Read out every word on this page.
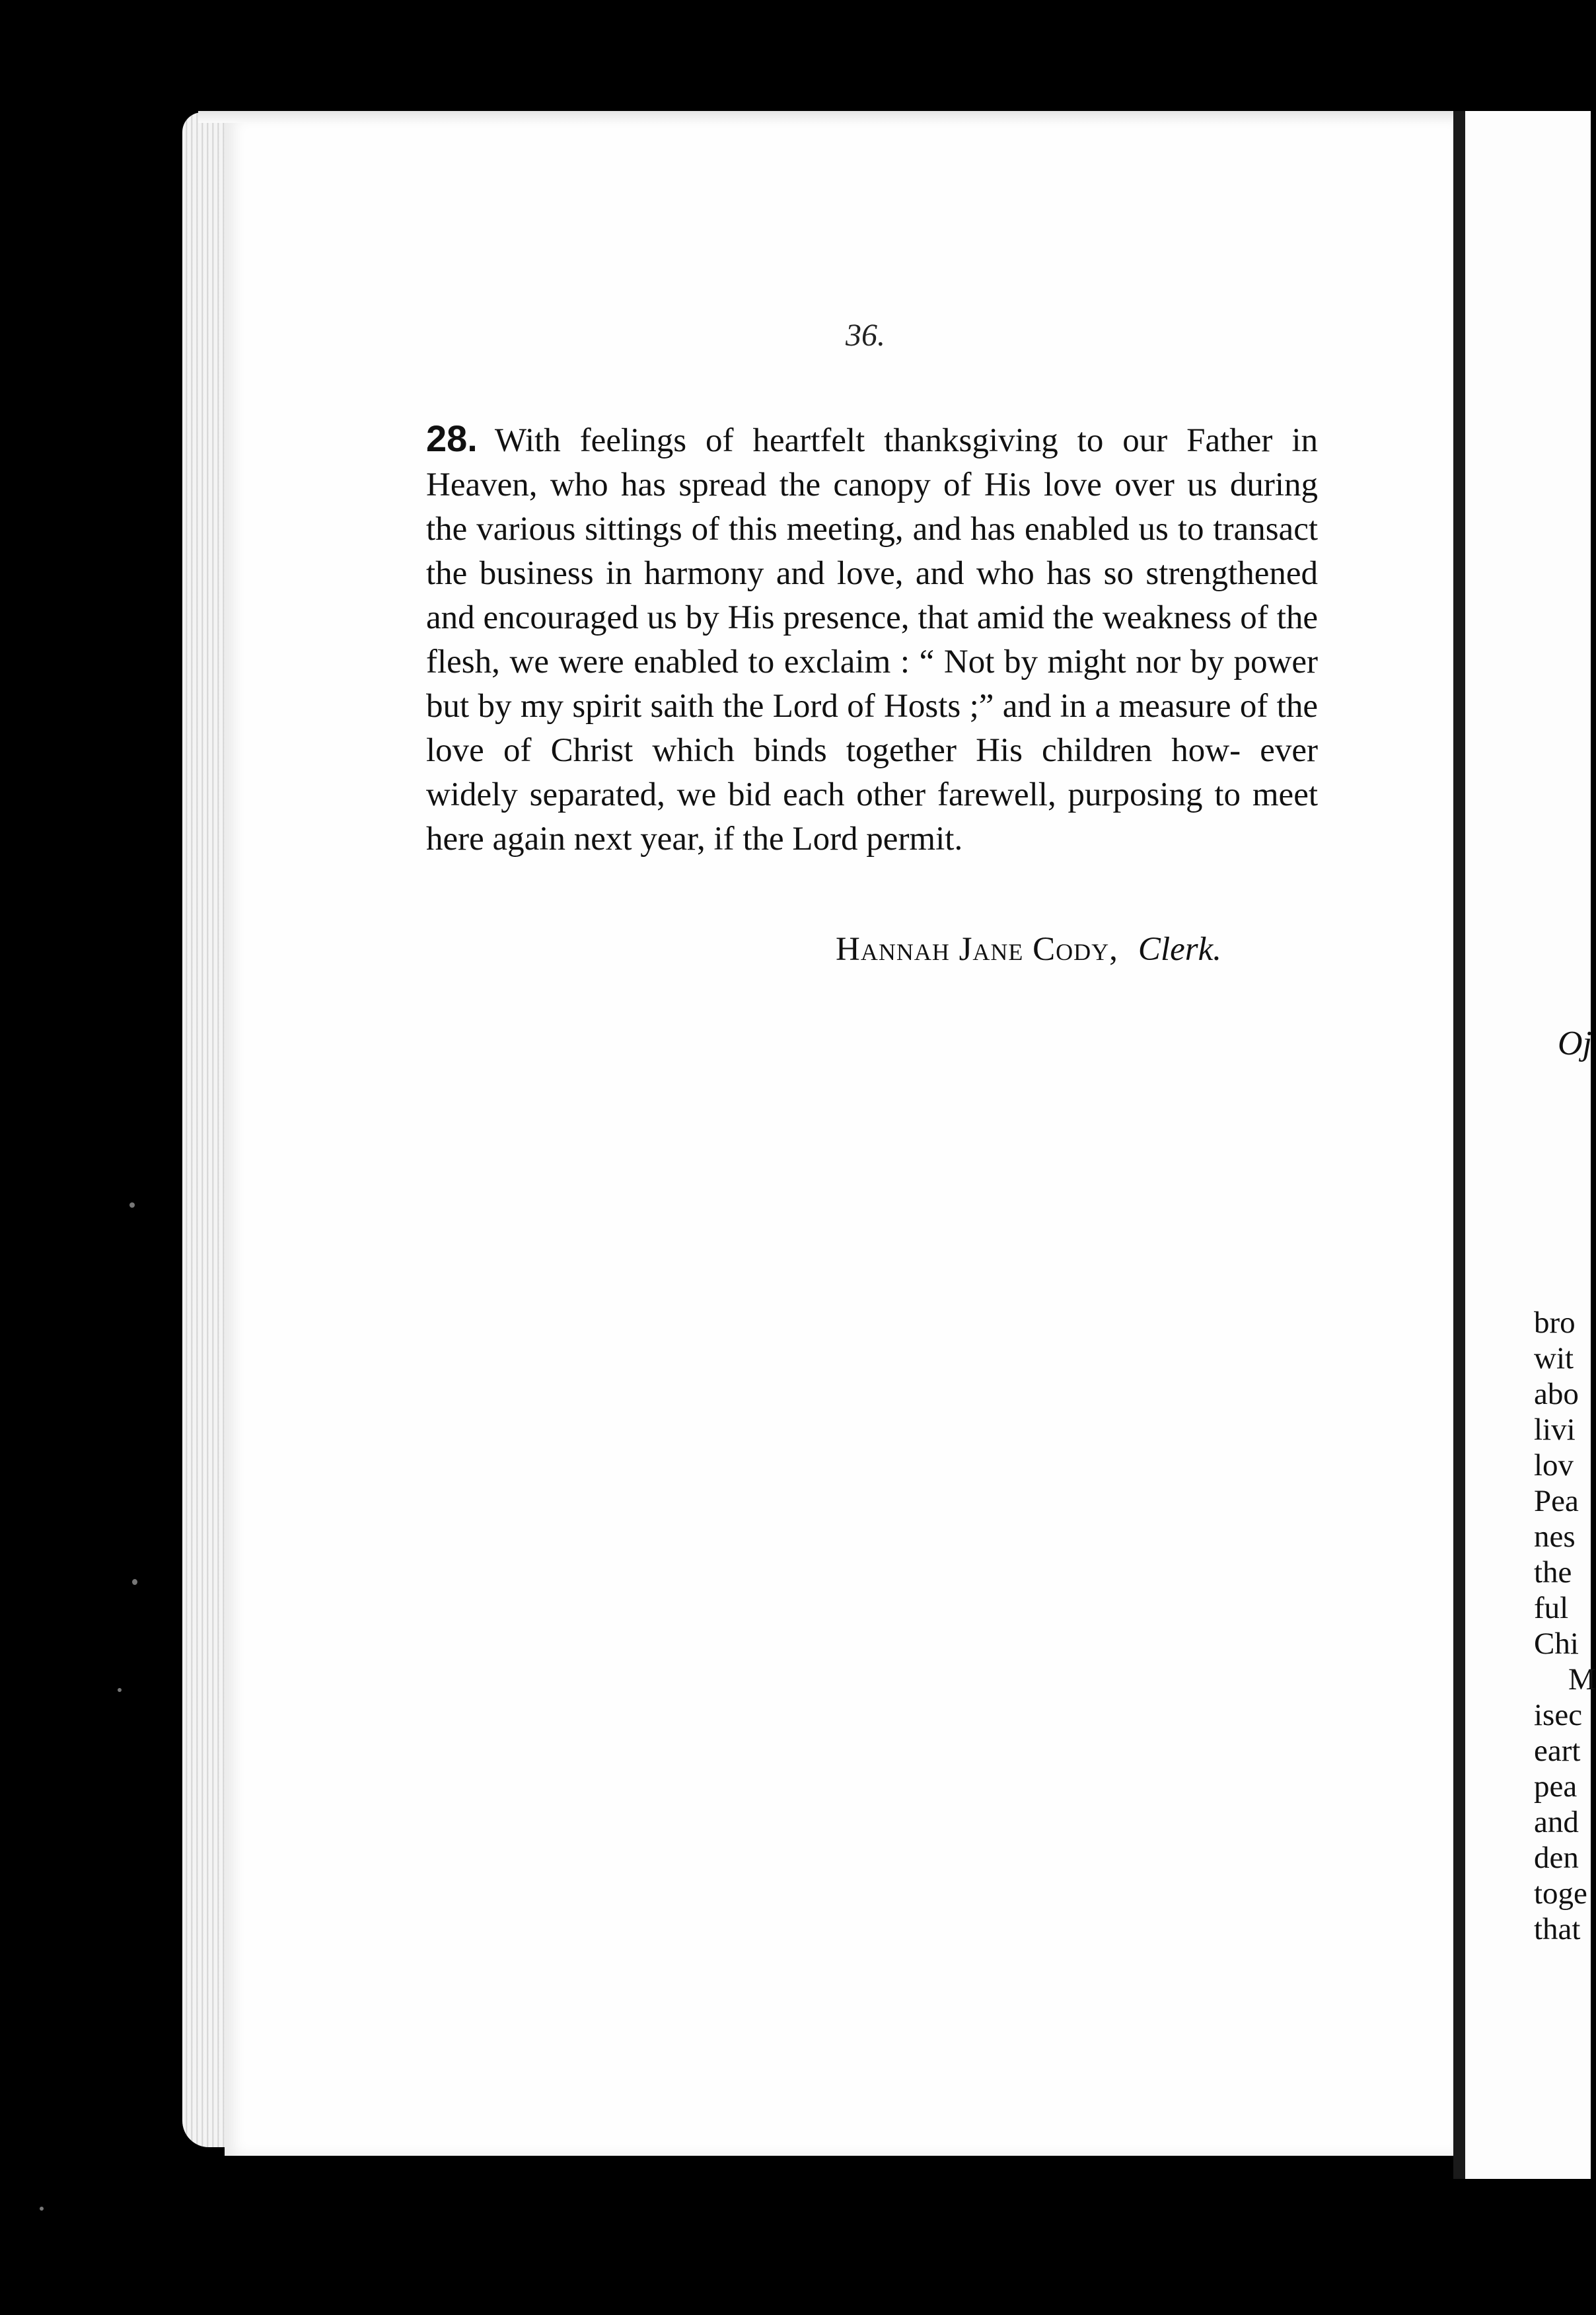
36.
28. With feelings of heartfelt thanksgiving to our Father in Heaven, who has spread the canopy of His love over us during the various sittings of this meeting, and has enabled us to transact the business in harmony and love, and who has so strengthened and encouraged us by His presence, that amid the weakness of the flesh, we were enabled to exclaim : “ Not by might nor by power but by my spirit saith the Lord of Hosts ;” and in a measure of the love of Christ which binds together His children how- ever widely separated, we bid each other farewell, purposing to meet here again next year, if the Lord permit.
Hannah Jane Cody, Clerk.
Oj
bro
wit
abo
livi
lov
Pea
nes
the
ful
Chi
M
isec
eart
pea
and
den
toge
that
